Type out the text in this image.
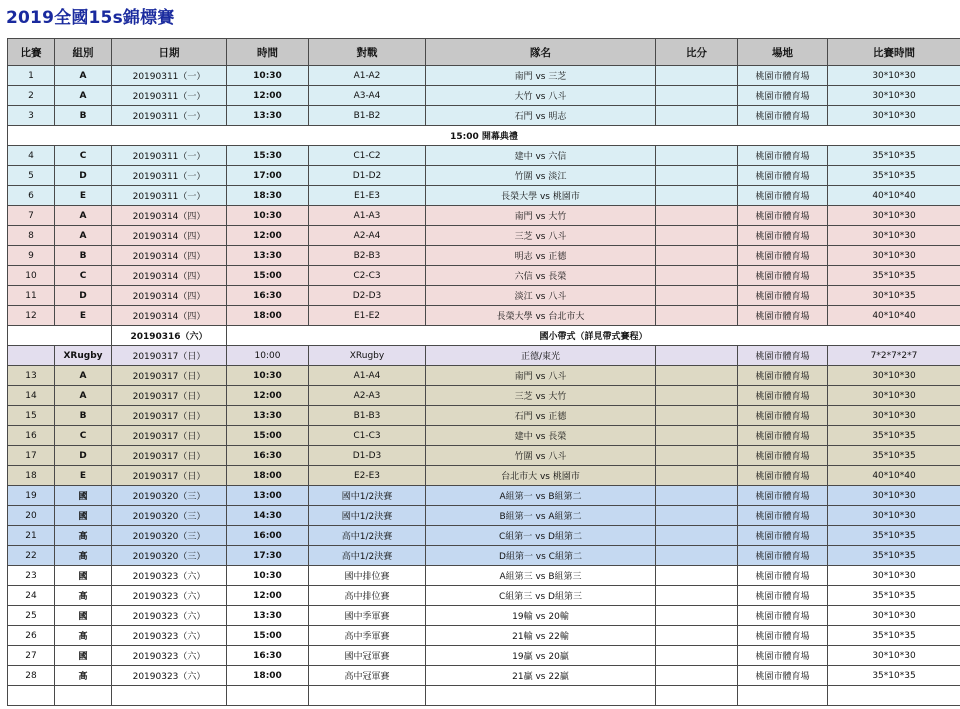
2019全國15s錦標賽
比賽	組別	日期	時間	對戰	隊名	比分	場地	比賽時間
1	A	20190311（一）	10:30	A1-A2	南門 vs 三芝		桃園市體育場	30*10*30
2	A	20190311（一）	12:00	A3-A4	大竹 vs 八斗		桃園市體育場	30*10*30
3	B	20190311（一）	13:30	B1-B2	石門 vs 明志		桃園市體育場	30*10*30
15:00 開幕典禮								
4	C	20190311（一）	15:30	C1-C2	建中 vs 六信		桃園市體育場	35*10*35
5	D	20190311（一）	17:00	D1-D2	竹圍 vs 淡江		桃園市體育場	35*10*35
6	E	20190311（一）	18:30	E1-E3	長榮大學 vs 桃園市		桃園市體育場	40*10*40
7	A	20190314（四）	10:30	A1-A3	南門 vs 大竹		桃園市體育場	30*10*30
8	A	20190314（四）	12:00	A2-A4	三芝 vs 八斗		桃園市體育場	30*10*30
9	B	20190314（四）	13:30	B2-B3	明志 vs 正德		桃園市體育場	30*10*30
10	C	20190314（四）	15:00	C2-C3	六信 vs 長榮		桃園市體育場	35*10*35
11	D	20190314（四）	16:30	D2-D3	淡江 vs 八斗		桃園市體育場	30*10*35
12	E	20190314（四）	18:00	E1-E2	長榮大學 vs 台北市大		桃園市體育場	40*10*40
		20190316（六）	國小帶式（詳見帶式賽程）					
	XRugby	20190317（日）	10:00	XRugby	正德/東光		桃園市體育場	7*2*7*2*7
13	A	20190317（日）	10:30	A1-A4	南門 vs 八斗		桃園市體育場	30*10*30
14	A	20190317（日）	12:00	A2-A3	三芝 vs 大竹		桃園市體育場	30*10*30
15	B	20190317（日）	13:30	B1-B3	石門 vs 正德		桃園市體育場	30*10*30
16	C	20190317（日）	15:00	C1-C3	建中 vs 長榮		桃園市體育場	35*10*35
17	D	20190317（日）	16:30	D1-D3	竹圍 vs 八斗		桃園市體育場	35*10*35
18	E	20190317（日）	18:00	E2-E3	台北市大 vs 桃園市		桃園市體育場	40*10*40
19	國	20190320（三）	13:00	國中1/2決賽	A組第一 vs B組第二		桃園市體育場	30*10*30
20	國	20190320（三）	14:30	國中1/2決賽	B組第一 vs A組第二		桃園市體育場	30*10*30
21	高	20190320（三）	16:00	高中1/2決賽	C組第一 vs D組第二		桃園市體育場	35*10*35
22	高	20190320（三）	17:30	高中1/2決賽	D組第一 vs C組第二		桃園市體育場	35*10*35
23	國	20190323（六）	10:30	國中排位賽	A組第三 vs B組第三		桃園市體育場	30*10*30
24	高	20190323（六）	12:00	高中排位賽	C組第三 vs D組第三		桃園市體育場	35*10*35
25	國	20190323（六）	13:30	國中季軍賽	19輸 vs 20輸		桃園市體育場	30*10*30
26	高	20190323（六）	15:00	高中季軍賽	21輸 vs 22輸		桃園市體育場	35*10*35
27	國	20190323（六）	16:30	國中冠軍賽	19贏 vs 20贏		桃園市體育場	30*10*30
28	高	20190323（六）	18:00	高中冠軍賽	21贏 vs 22贏		桃園市體育場	35*10*35
